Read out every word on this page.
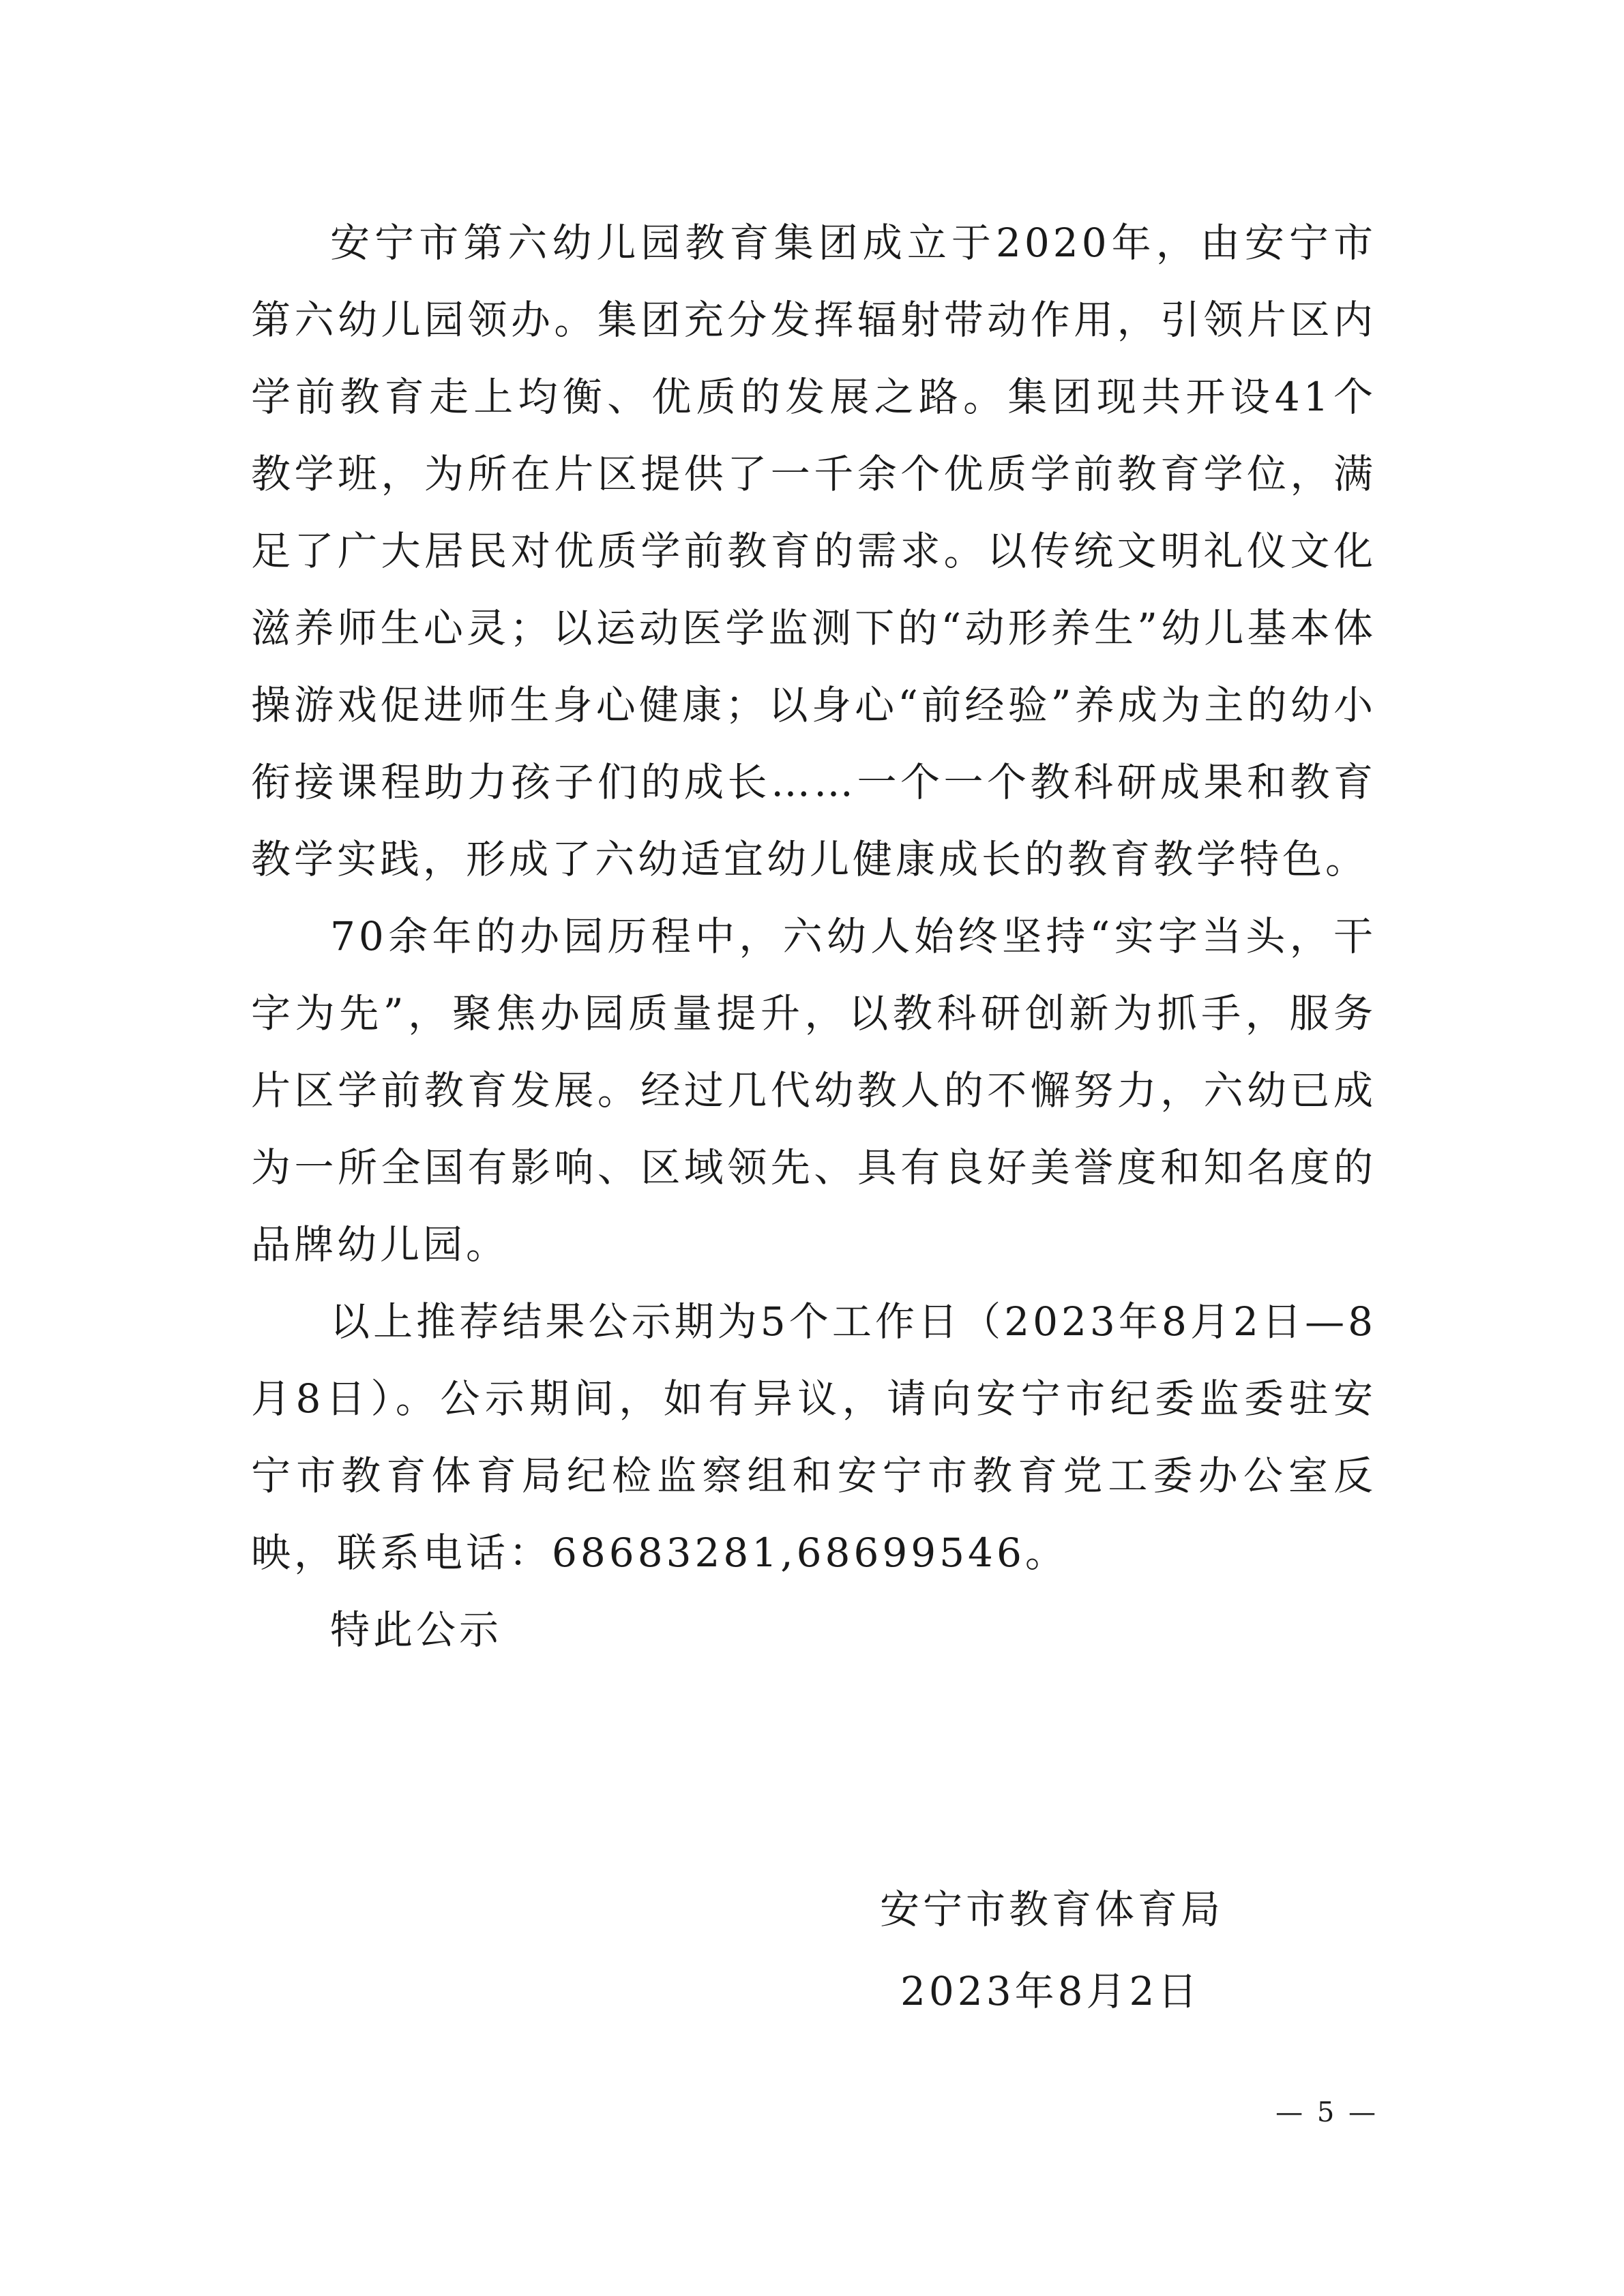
安宁市第六幼儿园教育集团成立于2020年，由安宁市第六幼儿园领办。集团充分发挥辐射带动作用，引领片区内学前教育走上均衡、优质的发展之路。集团现共开设41个教学班，为所在片区提供了一千余个优质学前教育学位，满足了广大居民对优质学前教育的需求。以传统文明礼仪文化滋养师生心灵；以运动医学监测下的“动形养生”幼儿基本体操游戏促进师生身心健康；以身心“前经验”养成为主的幼小衔接课程助力孩子们的成长……一个一个教科研成果和教育教学实践，形成了六幼适宜幼儿健康成长的教育教学特色。

70余年的办园历程中，六幼人始终坚持“实字当头，干字为先”，聚焦办园质量提升，以教科研创新为抓手，服务片区学前教育发展。经过几代幼教人的不懈努力，六幼已成为一所全国有影响、区域领先、具有良好美誉度和知名度的品牌幼儿园。

以上推荐结果公示期为5个工作日（2023年8月2日—8月8日）。公示期间，如有异议，请向安宁市纪委监委驻安宁市教育体育局纪检监察组和安宁市教育党工委办公室反映，联系电话：68683281,68699546。

特此公示

安宁市教育体育局
2023年8月2日
— 5 —
